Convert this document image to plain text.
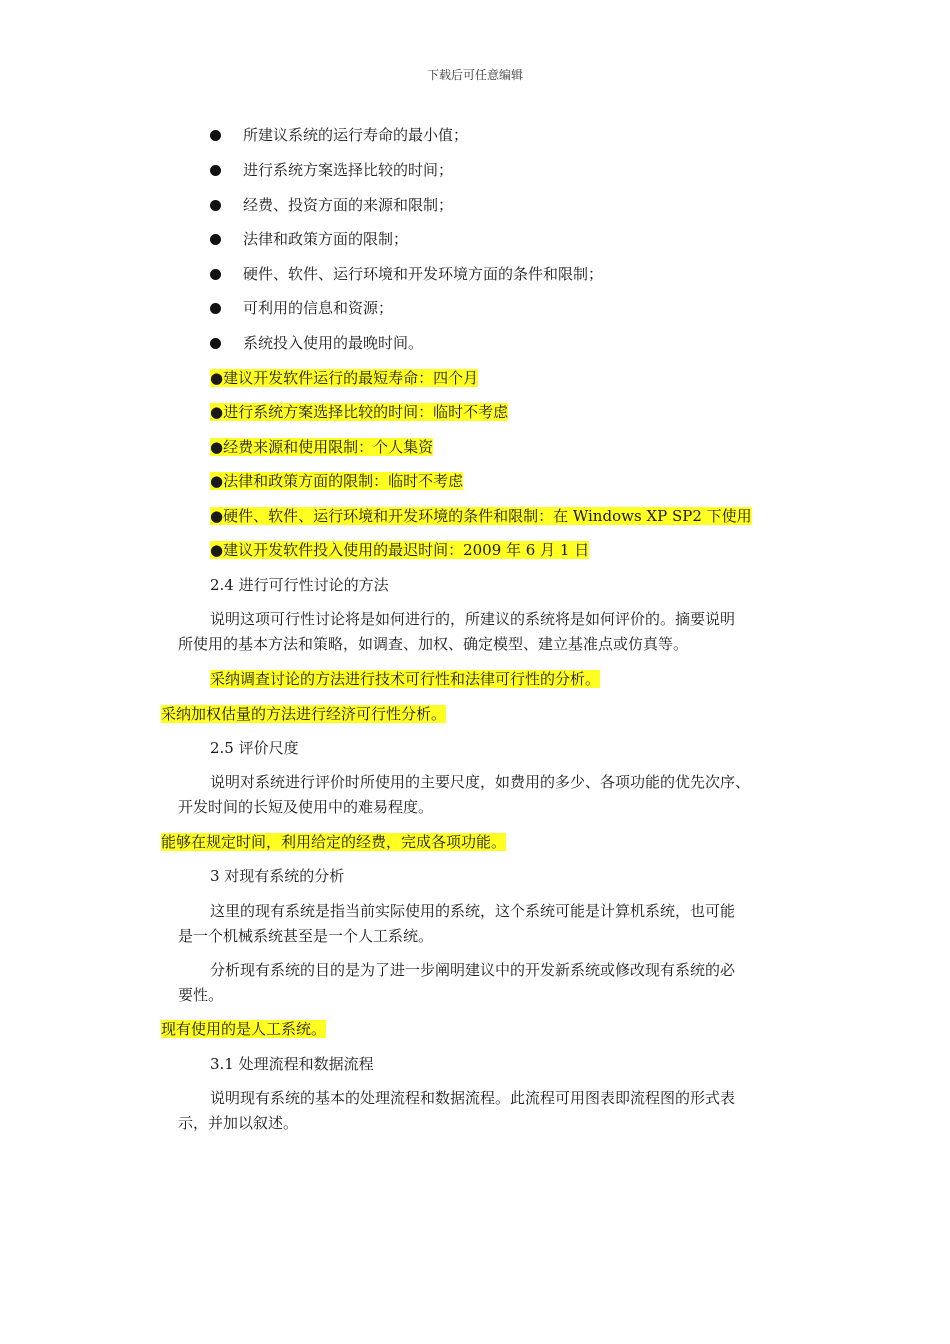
下载后可任意编辑
所建议系统的运行寿命的最小值；
进行系统方案选择比较的时间；
经费、投资方面的来源和限制；
法律和政策方面的限制；
硬件、软件、运行环境和开发环境方面的条件和限制；
可利用的信息和资源；
系统投入使用的最晚时间。
●建议开发软件运行的最短寿命：四个月
●进行系统方案选择比较的时间：临时不考虑
●经费来源和使用限制：个人集资
●法律和政策方面的限制：临时不考虑
●硬件、软件、运行环境和开发环境的条件和限制：在 Windows XP SP2 下使用
●建议开发软件投入使用的最迟时间：2009 年 6 月 1 日
2.4 进行可行性讨论的方法
说明这项可行性讨论将是如何进行的，所建议的系统将是如何评价的。摘要说明
所使用的基本方法和策略，如调查、加权、确定模型、建立基准点或仿真等。
采纳调查讨论的方法进行技术可行性和法律可行性的分析。
采纳加权估量的方法进行经济可行性分析。
2.5 评价尺度
说明对系统进行评价时所使用的主要尺度，如费用的多少、各项功能的优先次序、
开发时间的长短及使用中的难易程度。
能够在规定时间，利用给定的经费，完成各项功能。
3 对现有系统的分析
这里的现有系统是指当前实际使用的系统，这个系统可能是计算机系统，也可能
是一个机械系统甚至是一个人工系统。
分析现有系统的目的是为了进一步阐明建议中的开发新系统或修改现有系统的必
要性。
现有使用的是人工系统。
3.1 处理流程和数据流程
说明现有系统的基本的处理流程和数据流程。此流程可用图表即流程图的形式表
示，并加以叙述。
